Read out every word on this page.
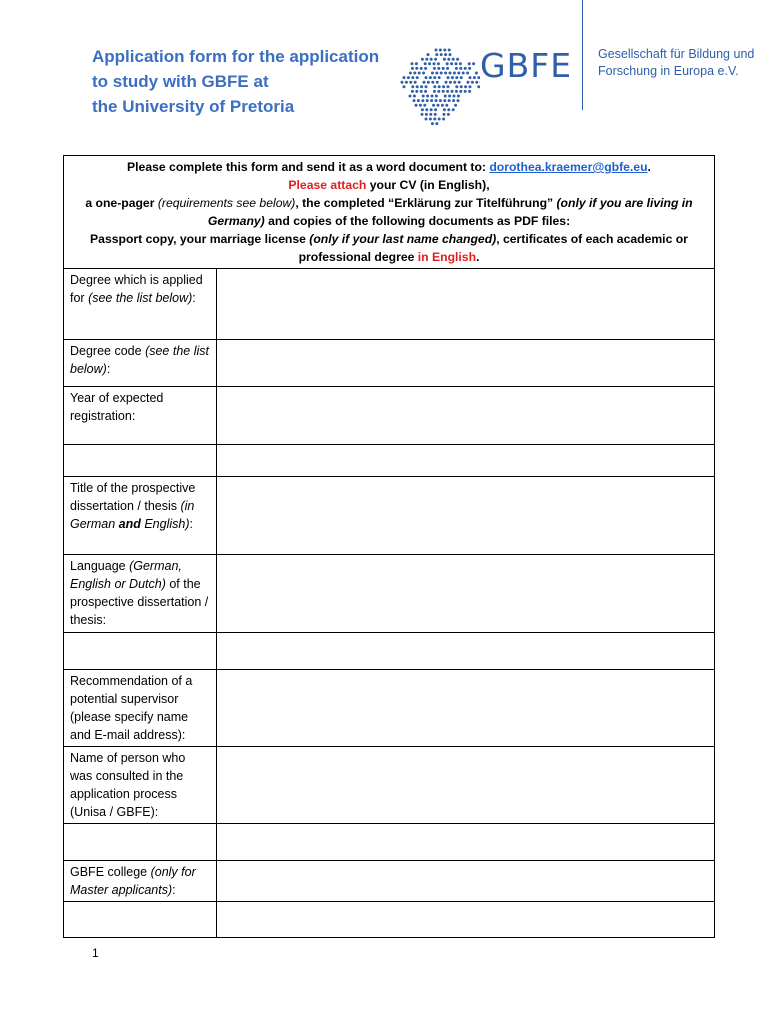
Application form for the application
to study with GBFE at
the University of Pretoria
GBFE Gesellschaft für Bildung und
Forschung in Europa e.V.
Please complete this form and send it as a word document to: dorothea.kraemer@gbfe.eu.
Please attach your CV (in English),
a one-pager (requirements see below), the completed “Erklärung zur Titelführung” (only if you are living in Germany) and copies of the following documents as PDF files:
Passport copy, your marriage license (only if your last name changed), certificates of each academic or professional degree in English.	
Degree which is applied for (see the list below):	
Degree code (see the list below):	
Year of expected registration:	

Title of the prospective dissertation / thesis (in German and English):	
Language (German, English or Dutch) of the prospective dissertation / thesis:	

Recommendation of a potential supervisor (please specify name and E-mail address):	
Name of person who was consulted in the application process (Unisa / GBFE):	

GBFE college (only for Master applicants):	

1
